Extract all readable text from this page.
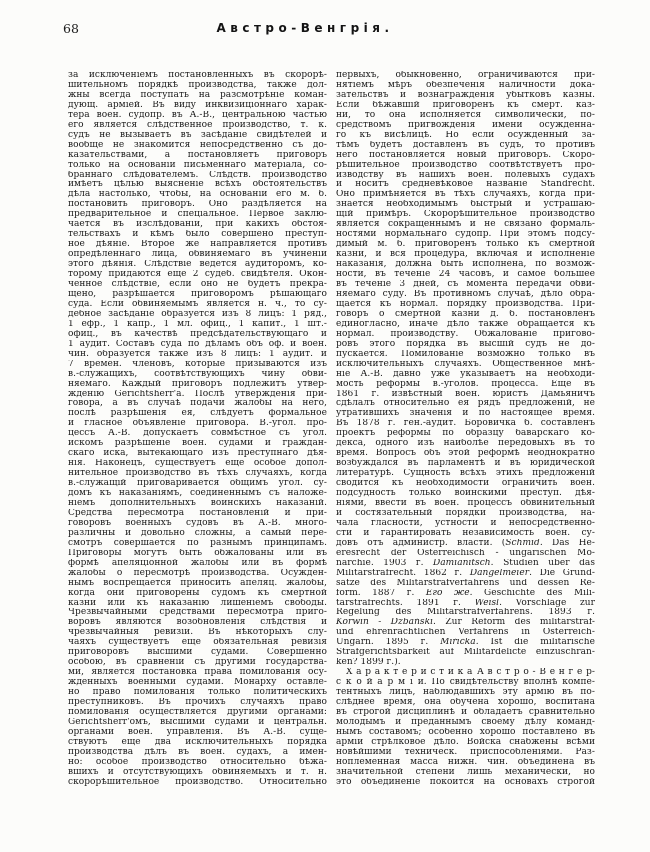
68	Австро-Венгрія.
за исключеніемъ постановленныхъ въ скорорѣ-
шительномъ порядкѣ производства, также дол-
жны всегда поступать на разсмотрѣніе коман-
дующ. арміей. Въ виду инквизиціоннаго харак-
тера воен. судопр. въ А.-В., центральною частью
его является слѣдственное производство, т. к.
судъ не вызываетъ въ засѣданіе свидѣтелей и
вообще не знакомится непосредственно съ до-
казательствами, а постановляетъ приговоръ
только на основаніи письменнаго матеріала, со-
браннаго слѣдователемъ. Слѣдств. производство
имѣетъ цѣлью выясненіе всѣхъ обстоятельствъ
дѣла настолько, чтобы, на основаніи его м. б.
постановить приговоръ. Оно раздѣляется на
предварительное и спеціальное. Первое заклю-
чается въ изслѣдованіи, при какихъ обстоя-
тельствахъ и кѣмъ было совершено преступ-
ное дѣяніе. Второе же направляется противъ
опредѣленнаго лица, обвиняемаго въ учиненіи
этого дѣянія. Слѣдствіе ведется аудиторомъ, ко-
торому придаются еще 2 судеб. свидѣтеля. Окон-
ченное слѣдствіе, если оно не будетъ прекра-
щено, разрѣшается приговоромъ рѣшающаго
суда. Если обвиняемымъ является н. ч., то су-
дебное засѣданіе образуется изъ 8 лицъ: 1 ряд.,
1 ефр., 1 капр., 1 мл. офиц., 1 капит., 1 шт.-
офиц., въ качествѣ предсѣдательствующаго и
1 аудит. Составъ суда по дѣламъ объ оф. и воен.
чин. образуется также изъ 8 лицъ: 1 аудит. и
7 времен. членовъ, которые призываются изъ
в.-служащихъ, соотвѣтствующихъ чину обви-
няемаго. Каждый приговоръ подлежитъ утвер-
жденію Gerichtsherr'a. Послѣ утвержденія при-
говора, а въ случаѣ подачи жалобы на него,
послѣ разрѣшенія ея, слѣдуетъ формальное
и гласное объявленіе приговора. В.-угол. про-
цессъ А.-В. допускаетъ совмѣстное съ угол.
искомъ разрѣшеніе воен. судами и граждан-
скаго иска, вытекающаго изъ преступнаго дѣя-
нія. Наконецъ, существуетъ еще особое допол-
нительное производство въ тѣхъ случаяхъ, когда
в.-служащій приговаривается общимъ угол. су-
домъ къ наказаніямъ, соединеннымъ съ наложе-
ніемъ дополнительныхъ воинскихъ наказаній.
Средства пересмотра постановленій и при-
говоровъ военныхъ судовъ въ А.-В. много-
различны и довольно сложны, а самый пере-
смотръ совершается по разнымъ принципамъ.
Приговоры могутъ быть обжалованы или въ
формѣ апеляціонной жалобы или въ формѣ
жалобы о пересмотрѣ производства. Осужден-
нымъ воспрещается приносить апеляц. жалобы,
когда они приговорены судомъ къ смертной
казни или къ наказанію лишеніемъ свободы.
Чрезвычайными средствами пересмотра приго-
воровъ являются возобновленія слѣдствія и
чрезвычайныя ревизіи. Въ нѣкоторыхъ слу-
чаяхъ существуетъ еще обязательная ревизія
приговоровъ высшими судами. Совершенно
особою, въ сравненіи съ другими государства-
ми, является постановка права помилованія осу-
жденныхъ военными судами. Монарху оставле-
но право помилованія только политическихъ
преступниковъ. Въ прочихъ случаяхъ право
помилованія осуществляется другими органами:
Gerichtsherr'омъ, высшими судами и центральн.
органами воен. управленія. Въ А.-В. суще-
ствуютъ еще два исключительныхъ порядка
производства дѣлъ въ воен. судахъ, а имен-
но: особое производство относительно бѣжа-
вшихъ и отсутствующихъ обвиняемыхъ и т. н.
скорорѣшительное производство. Относительно
первыхъ, обыкновенно, ограничиваются при-
нятіемъ мѣръ обезпеченія наличности дока-
зательствъ и вознагражденія убытковъ казны.
Если бѣжавшій приговоренъ къ смерт. каз-
ни, то она исполняется символически, по-
средствомъ пригвожденія имени осужденна-
го къ висѣлицѣ. Но если осужденный за-
тѣмъ будетъ доставленъ въ судъ, то противъ
него постановляется новый приговоръ. Скоро-
рѣшительное производство соотвѣтствуетъ про-
изводству въ нашихъ воен. полевыхъ судахъ
и носитъ средневѣковое названіе Standrecht.
Оно примѣняется въ тѣхъ случаяхъ, когда при-
знается необходимымъ быстрый и устрашаю-
щій примѣръ. Скорорѣшительное производство
является сокращеннымъ и не связано формаль-
ностями нормальнаго судопр. При этомъ подсу-
димый м. б. приговоренъ только къ смертной
казни, и вся процедура, включая и исполненіе
наказанія, должна быть исполнена, по возмож-
ности, въ теченіе 24 часовъ, и самое большее
въ теченіе 3 дней, съ момента передачи обви-
няемаго суду. Въ противномъ случаѣ, дѣло обра-
щается къ нормал. порядку производства. При-
говоръ о смертной казни д. б. постановленъ
единогласно, иначе дѣло также обращается къ
нормал. производству. Обжалованіе пригово-
ровъ этого порядка въ высшій судъ не до-
пускается. Помилованіе возможно только въ
исключительныхъ случаяхъ. Общественное мнѣ-
ніе А.-В. давно уже указываетъ на необходи-
мость реформы в.-уголов. процесса. Еще въ
1861 г. извѣстный воен. юристъ Дамьяничъ
сдѣлалъ относительно ея рядъ предложеній, не
утратившихъ значенія и по настоящее время.
Въ 1878 г. ген.-аудит. Боровичка б. составленъ
проектъ реформы по образцу баварскаго ко-
декса, одного изъ наиболѣе передовыхъ въ то
время. Вопросъ объ этой реформѣ неоднократно
возбуждался въ парламентѣ и въ юридической
литературѣ. Сущность всѣхъ этихъ предложеній
сводится къ необходимости ограничить воен.
подсудность только воинскими преступ. дѣя-
ніями, ввести въ воен. процессъ обвинительный
и состязательный порядки производства, на-
чала гласности, устности и непосредственно-
сти и гарантировать независимость воен. су-
довъ отъ администр. власти. (Schmid. Das He-
eresrecht der Österreichisch - ungarischen Mo-
narchie. 1903 г. Damianitsch. Studien über das
Militärstrafrecht. 1862 г. Dangelmeier. Die Grund-
sätze des Militärstrafverfahrens und dessen Re-
form. 1887 г. Его же. Geschichte des Mili-
tärstrafrechts. 1891 г. Weisl. Vorschläge zur
Regelung des Militärstrafverfahrens. 1893 г.
Korwin - Dzbański. Zur Reform des militärstraf-
und ehrenrächtlichen Verfahrens in Österreich-
Ungarn. 1895 г. Miřička. Ist die militärische
Strafgerichtsbarkeit auf Militärdelicte einzuschrän-
ken? 1899 г.).
Х а р а к т е р и с т и к а А в с т р о - В е н г е р-
с к о й а р м і и. По свидѣтельству вполнѣ компе-
тентныхъ лицъ, наблюдавшихъ эту армію въ по-
слѣднее время, она обучена хорошо, воспитана
въ строгой дисциплинѣ и обладаетъ сравнительно
молодымъ и преданнымъ своему дѣлу команд-
нымъ составомъ; особенно хорошо поставлено въ
арміи стрѣлковое дѣло. Войска снабжены всѣми
новѣйшими техническ. приспособленіями. Раз-
ноплеменная масса нижн. чин. объединена въ
значительной степени лишь механически, но
это объединеніе покоится на основахъ строгой
